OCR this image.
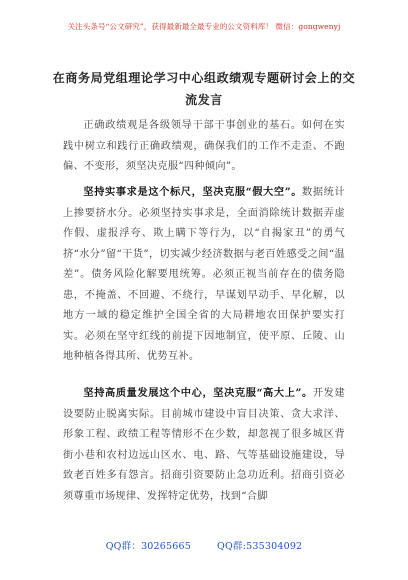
关注头条号“公文研究”，获得最新最全最专业的公文资料库！ 微信：gongwenyj
在商务局党组理论学习中心组政绩观专题研讨会上的交流发言

正确政绩观是各级领导干部干事创业的基石。如何在实践中树立和践行正确政绩观，确保我们的工作不走歪、不跑偏、不变形，须坚决克服“四种倾向”。

坚持实事求是这个标尺，坚决克服“假大空”。数据统计上掺要挤水分。必须坚持实事求是，全面消除统计数据弄虚作假、虚报浮夸、欺上瞒下等行为，以“自揭家丑”的勇气挤“水分”留“干货”，切实减少经济数据与老百姓感受之间“温差”。债务风险化解要甩统筹。必须正视当前存在的债务隐患，不掩盖、不回避、不绕行，早谋划早动手、早化解，以地方一域的稳定维护全国全省的大局耕地农田保护要实打实。必须在坚守红线的前提下因地制宜，使平原、丘陵、山地种植各得其所、优势互补。

坚持高质量发展这个中心，坚决克服“高大上”。开发建设要防止脱离实际。目前城市建设中盲目决策、贪大求洋、形象工程、政绩工程等情形不在少数，却忽视了很多城区背街小巷和农村边远山区水、电、路、气等基础设施建设，导致老百姓多有怨言。招商引资要防止急功近利。招商引资必须尊重市场规律、发挥特定优势，找到“合脚

QQ群：30265665	QQ群:535304092
